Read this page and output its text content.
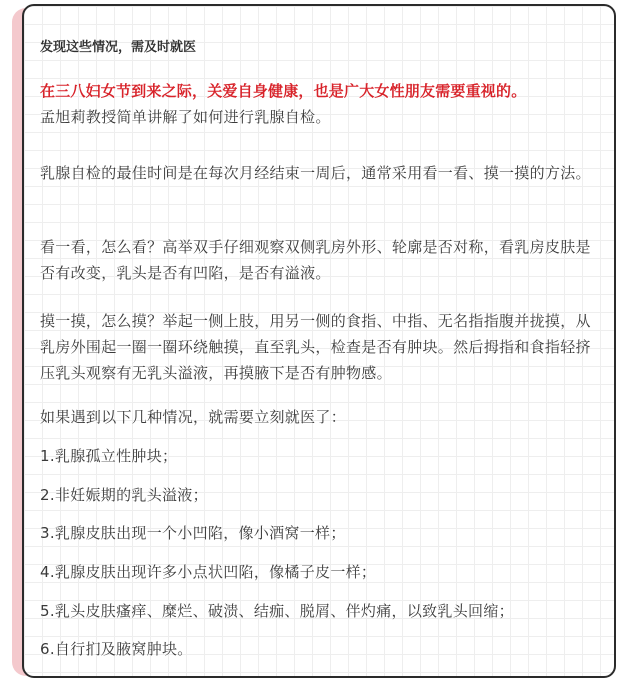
发现这些情况，需及时就医

在三八妇女节到来之际，关爱自身健康，也是广大女性朋友需要重视的。
孟旭莉教授简单讲解了如何进行乳腺自检。

乳腺自检的最佳时间是在每次月经结束一周后，通常采用看一看、摸一摸的方法。

看一看，怎么看？高举双手仔细观察双侧乳房外形、轮廓是否对称，看乳房皮肤是否有改变，乳头是否有凹陷，是否有溢液。

摸一摸，怎么摸？举起一侧上肢，用另一侧的食指、中指、无名指指腹并拢摸，从乳房外围起一圈一圈环绕触摸，直至乳头，检查是否有肿块。然后拇指和食指轻挤压乳头观察有无乳头溢液，再摸腋下是否有肿物感。

如果遇到以下几种情况，就需要立刻就医了：

1.乳腺孤立性肿块；

2.非妊娠期的乳头溢液；

3.乳腺皮肤出现一个小凹陷，像小酒窝一样；

4.乳腺皮肤出现许多小点状凹陷，像橘子皮一样；

5.乳头皮肤瘙痒、糜烂、破溃、结痂、脱屑、伴灼痛，以致乳头回缩；

6.自行扪及腋窝肿块。
